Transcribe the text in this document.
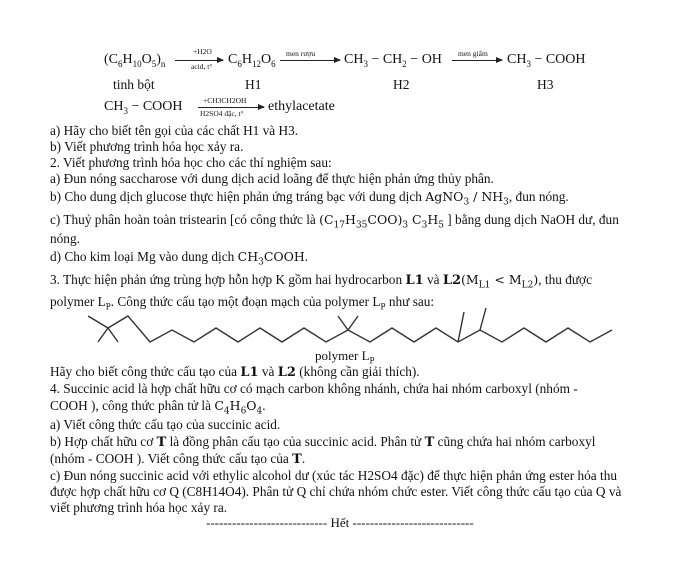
$(C_6H_{10}O_5)_n$
+H2O
acid, t° $C_6H_{12}O_6$
men rượu $CH_3 - CH_2$ − OH men giấm $CH_3$ − COOH
tinh bột	H1	H2	H3
$CH_3$ − COOH	+CH3CH2OH
H2SO4 đặc, t° ethylacetate
a) Hãy cho biết tên gọi của các chất H1 và H3.
b) Viết phương trình hóa học xảy ra.
2. Viết phương trình hóa học cho các thí nghiệm sau:
a) Đun nóng saccharose với dung dịch acid loãng để thực hiện phản ứng thủy phân.
b) Cho dung dịch glucose thực hiện phản ứng tráng bạc với dung dịch AgNO$_3$ / $NH_3$, đun nóng.
c) Thuỷ phân hoàn toàn tristearin [có công thức là $(C_{17}H_{35}COO)_3$ $C_3H_5$ ] bằng dung dịch NaOH dư, đun
nóng.
d) Cho kim loại Mg vào dung dịch $CH_3COOH$.
3. Thực hiện phản ứng trùng hợp hỗn hợp K gồm hai hydrocarbon L1 và $L2(M_{L1} < M_{L2})$, thu được
polymer $L_P$. Công thức cấu tạo một đoạn mạch của polymer $L_P$ như sau:
polymer $L_P$
Hãy cho biết công thức cấu tạo của L1 và L2 (không cần giải thích).
4. Succinic acid là hợp chất hữu cơ có mạch carbon không nhánh, chứa hai nhóm carboxyl (nhóm -
COOH ), công thức phân tử là $C_4H_6O_4$.
a) Viết công thức cấu tạo của succinic acid.
b) Hợp chất hữu cơ T là đồng phân cấu tạo của succinic acid. Phân tử T cũng chứa hai nhóm carboxyl
(nhóm - COOH ). Viết công thức cấu tạo của T.
c) Đun nóng succinic acid với ethylic alcohol dư (xúc tác H2SO4 đặc) để thực hiện phản ứng ester hóa thu
được hợp chất hữu cơ Q (C8H14O4). Phân tử Q chỉ chứa nhóm chức ester. Viết công thức cấu tạo của Q và
viết phương trình hóa học xảy ra.
---------------------------- Hết ----------------------------
